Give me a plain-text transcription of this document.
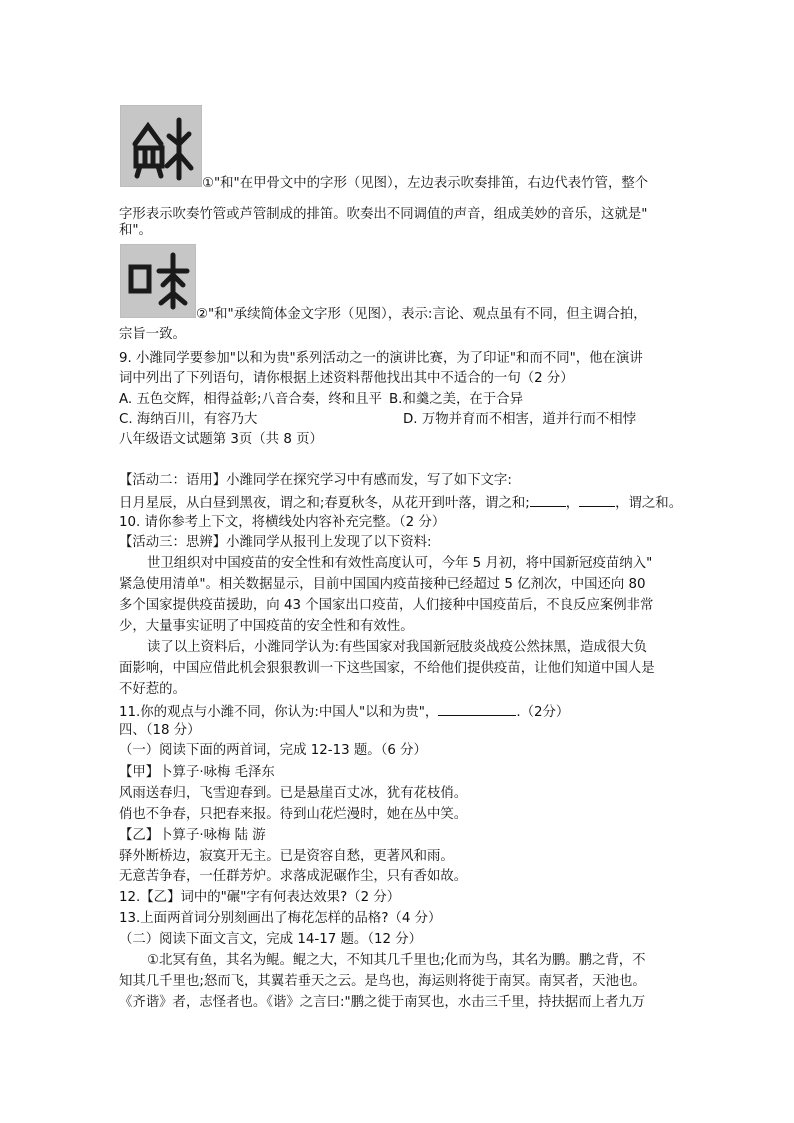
①"和"在甲骨文中的字形（见图），左边表示吹奏排笛，右边代表竹管，整个
字形表示吹奏竹管或芦管制成的排笛。吹奏出不同调值的声音，组成美妙的音乐，这就是"
和"。
②"和"承续简体金文字形（见图），表示:言论、观点虽有不同，但主调合拍，
宗旨一致。
9. 小潍同学要参加"以和为贵"系列活动之一的演讲比赛，为了印证"和而不同"，他在演讲
词中列出了下列语句，请你根据上述资料帮他找出其中不适合的一句（2 分）
A. 五色交辉，相得益彰;八音合奏，终和且平 B.和羹之美，在于合异
C. 海纳百川，有容乃大	D. 万物并育而不相害，道并行而不相悖
八年级语文试题第 3页（共 8 页）
【活动二：语用】小潍同学在探究学习中有感而发，写了如下文字:
日月星辰，从白昼到黑夜，谓之和;春夏秋冬，从花开到叶落，谓之和;	，	，谓之和。
10. 请你参考上下文，将横线处内容补充完整。（2 分）
【活动三：思辨】小潍同学从报刊上发现了以下资料:
世卫组织对中国疫苗的安全性和有效性高度认可，今年 5 月初，将中国新冠疫苗纳入"
紧急使用清单"。相关数据显示，目前中国国内疫苗接种已经超过 5 亿剂次，中国还向 80
多个国家提供疫苗援助，向 43 个国家出口疫苗，人们接种中国疫苗后，不良反应案例非常
少，大量事实证明了中国疫苗的安全性和有效性。
读了以上资料后，小潍同学认为:有些国家对我国新冠肢炎战疫公然抹黑，造成很大负
面影响，中国应借此机会狠狠教训一下这些国家，不给他们提供疫苗，让他们知道中国人是
不好惹的。
11.你的观点与小潍不同，你认为:中国人"以和为贵"，	.（2分）
四、（18 分）
（一）阅读下面的两首词，完成 12-13 题。（6 分）
【甲】卜算子·咏梅 毛泽东
风雨送春归，飞雪迎春到。已是悬崖百丈冰，犹有花枝俏。
俏也不争春，只把春来报。待到山花烂漫时，她在丛中笑。
【乙】卜算子·咏梅 陆 游
驿外断桥边，寂寞开无主。已是资容自愁，更著风和雨。
无意苦争春，一任群芳炉。求落成泥碾作尘，只有香如故。
12.【乙】词中的"碾"字有何表达效果?（2 分）
13.上面两首词分别刻画出了梅花怎样的品格?（4 分）
（二）阅读下面文言文，完成 14-17 题。（12 分）
①北冥有鱼，其名为鲲。鲲之大，不知其几千里也;化而为鸟，其名为鹏。鹏之背，不
知其几千里也;怒而飞，其翼若垂天之云。是鸟也，海运则将徙于南冥。南冥者，天池也。
《齐谐》者，志怪者也。《谐》之言曰:"鹏之徙于南冥也，水击三千里，持扶据而上者九万
